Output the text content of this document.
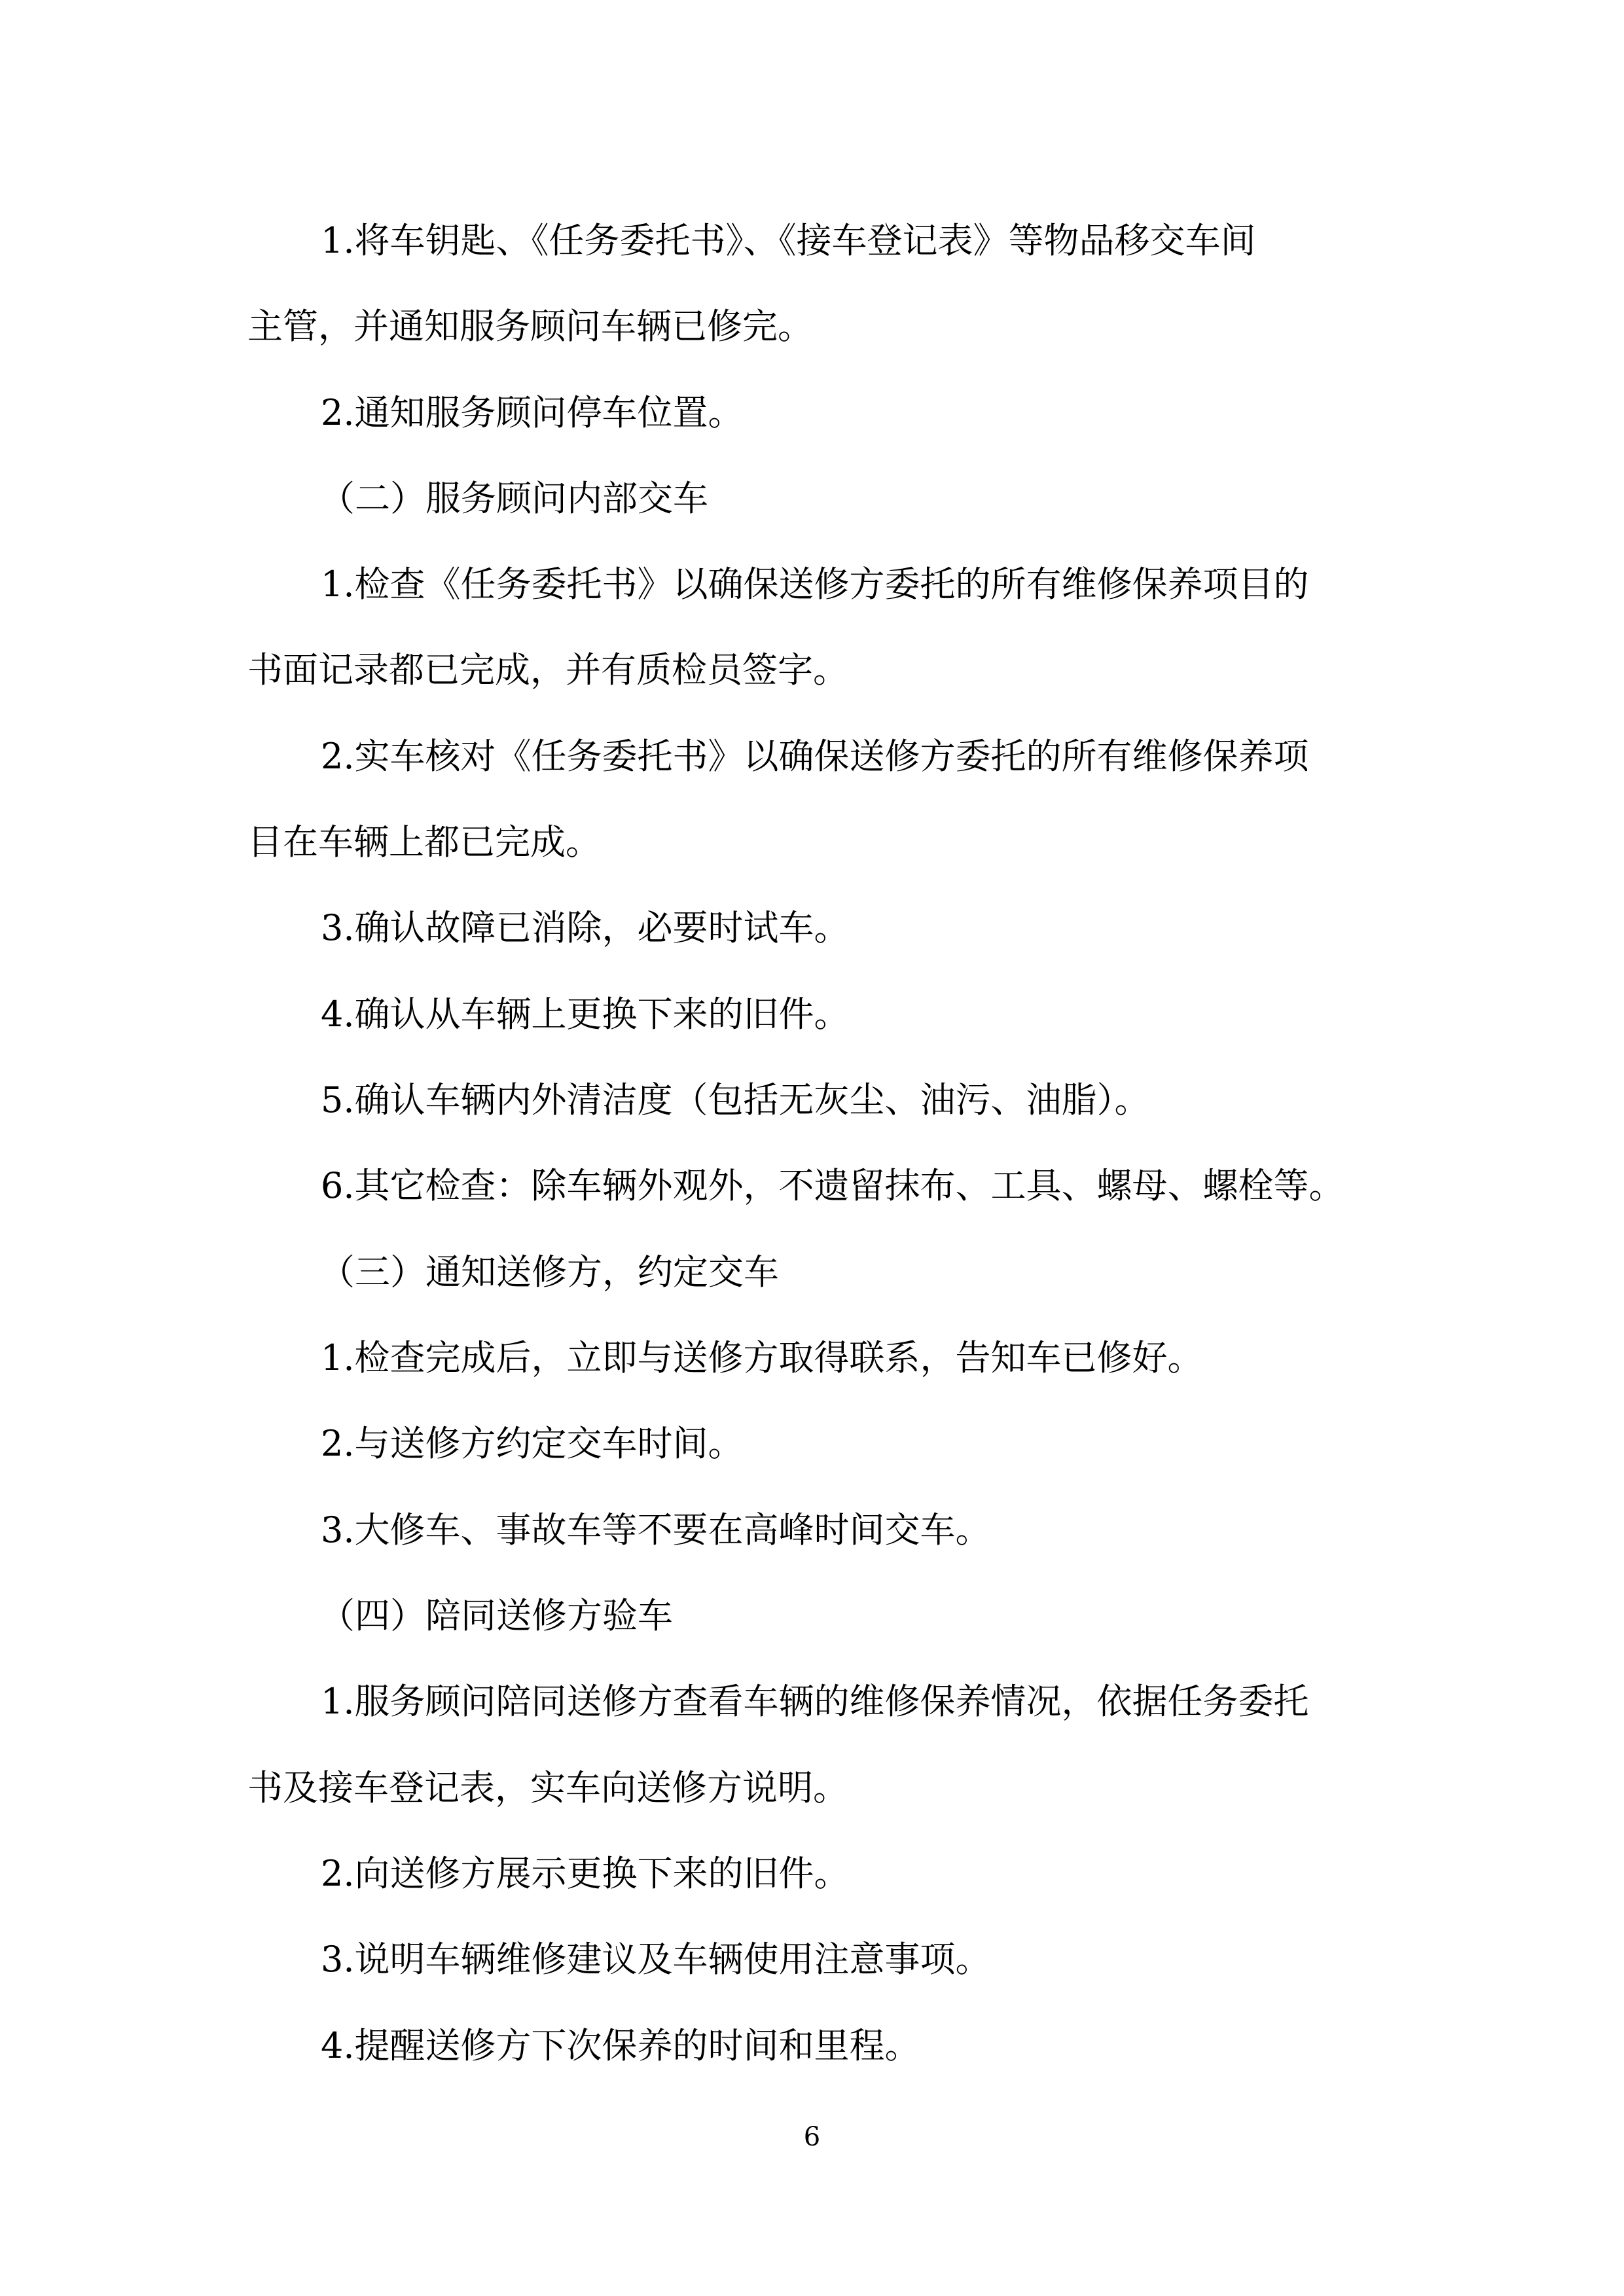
1.将车钥匙、《任务委托书》、《接车登记表》等物品移交车间
主管，并通知服务顾问车辆已修完。
2.通知服务顾问停车位置。
（二）服务顾问内部交车
1.检查《任务委托书》以确保送修方委托的所有维修保养项目的
书面记录都已完成，并有质检员签字。
2.实车核对《任务委托书》以确保送修方委托的所有维修保养项
目在车辆上都已完成。
3.确认故障已消除，必要时试车。
4.确认从车辆上更换下来的旧件。
5.确认车辆内外清洁度（包括无灰尘、油污、油脂）。
6.其它检查：除车辆外观外，不遗留抹布、工具、螺母、螺栓等。
（三）通知送修方，约定交车
1.检查完成后，立即与送修方取得联系，告知车已修好。
2.与送修方约定交车时间。
3.大修车、事故车等不要在高峰时间交车。
（四）陪同送修方验车
1.服务顾问陪同送修方查看车辆的维修保养情况，依据任务委托
书及接车登记表，实车向送修方说明。
2.向送修方展示更换下来的旧件。
3.说明车辆维修建议及车辆使用注意事项。
4.提醒送修方下次保养的时间和里程。
6
